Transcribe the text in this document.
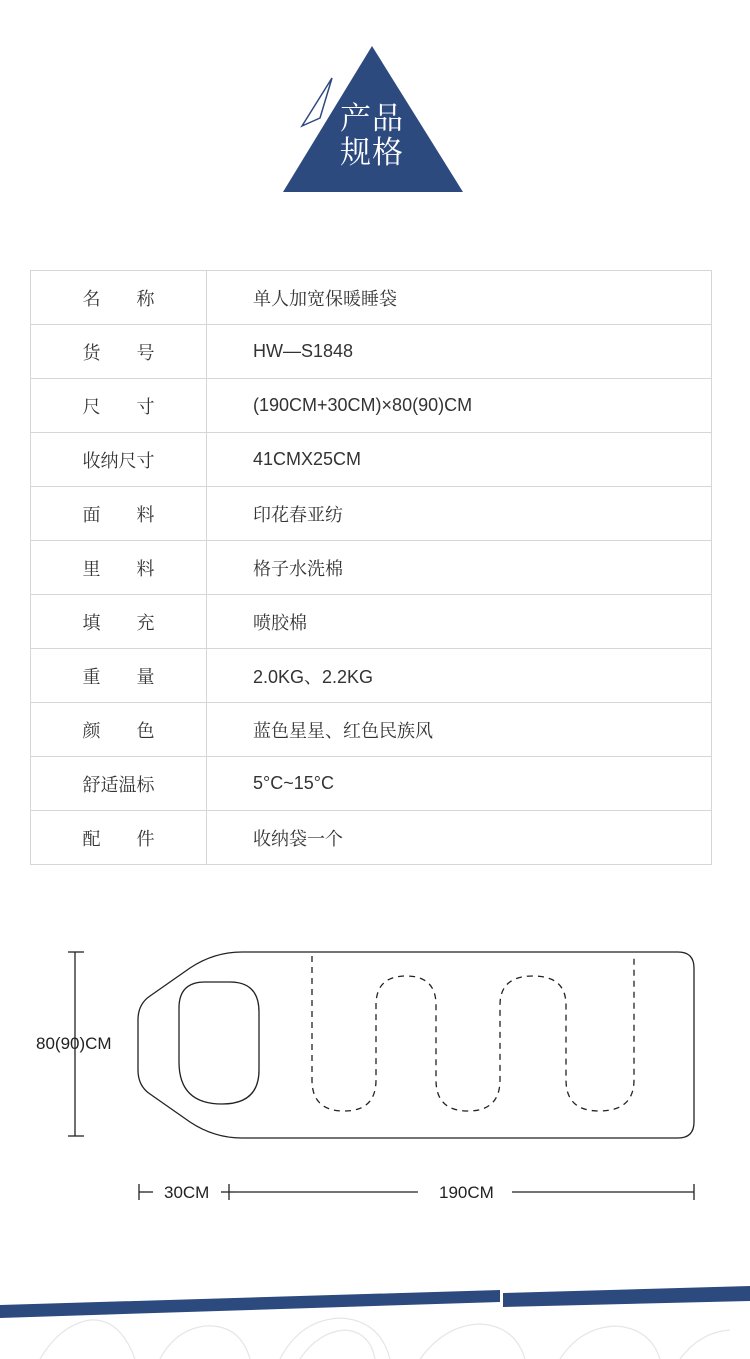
产品
规格
名　　称	单人加宽保暖睡袋
货　　号	HW—S1848
尺　　寸	(190CM+30CM)×80(90)CM
收纳尺寸	41CMX25CM
面　　料	印花春亚纺
里　　料	格子水洗棉
填　　充	喷胶棉
重　　量	2.0KG、2.2KG
颜　　色	蓝色星星、红色民族风
舒适温标	5°C~15°C
配　　件	收纳袋一个
80(90)CM
30CM	190CM
